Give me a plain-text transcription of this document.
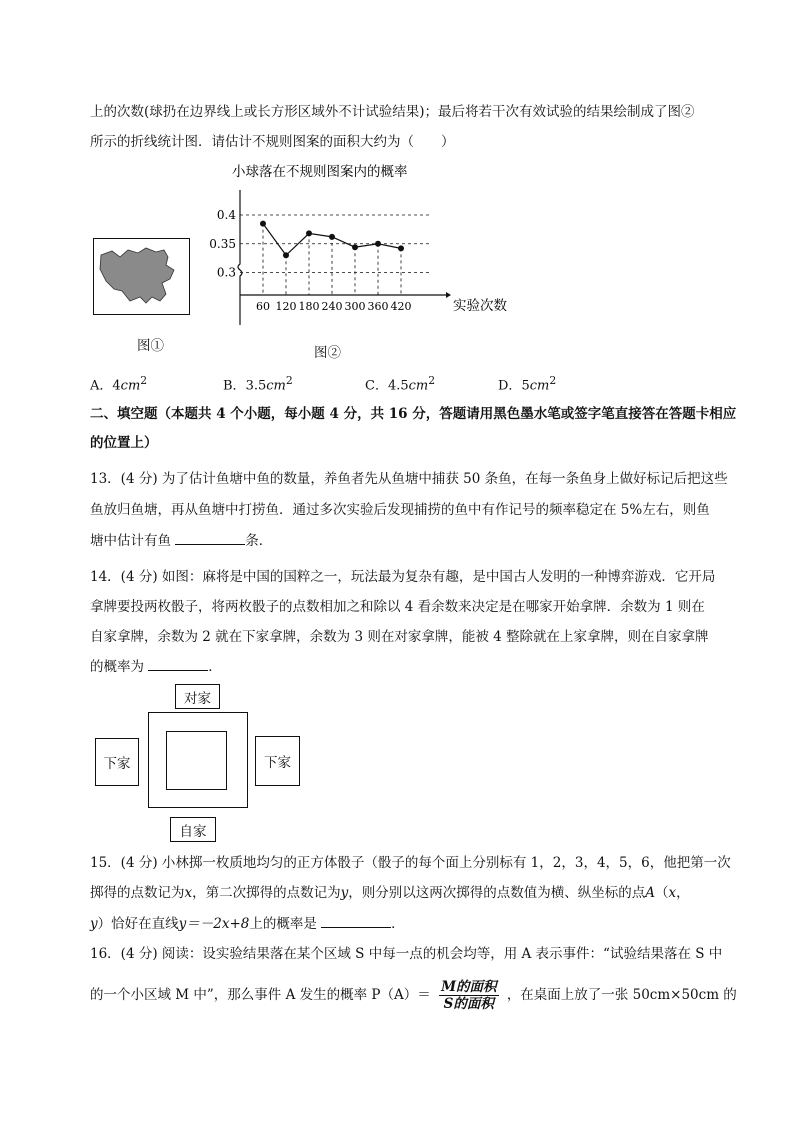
上的次数(球扔在边界线上或长方形区域外不计试验结果)；最后将若干次有效试验的结果绘制成了图②
所示的折线统计图．请估计不规则图案的面积大约为（　　）
图①
小球落在不规则图案内的概率
0.3
0.35
0.4
60 120 180 240 300 360 420	实验次数
图②
A．$4cm^2$	B．$3.5cm^2$	C．$4.5cm^2$	D．$5cm^2$
二、填空题（本题共 4 个小题，每小题 4 分，共 16 分，答题请用黑色墨水笔或签字笔直接答在答题卡相应
的位置上）
13．(4 分) 为了估计鱼塘中鱼的数量，养鱼者先从鱼塘中捕获 50 条鱼，在每一条鱼身上做好标记后把这些
鱼放归鱼塘，再从鱼塘中打捞鱼．通过多次实验后发现捕捞的鱼中有作记号的频率稳定在 5%左右，则鱼
塘中估计有鱼	条．
14．(4 分) 如图：麻将是中国的国粹之一，玩法最为复杂有趣，是中国古人发明的一种博弈游戏．它开局
拿牌要投两枚骰子，将两枚骰子的点数相加之和除以 4 看余数来决定是在哪家开始拿牌．余数为 1 则在
自家拿牌，余数为 2 就在下家拿牌，余数为 3 则在对家拿牌，能被 4 整除就在上家拿牌，则在自家拿牌
的概率为	．
对家
下家	下家
自家
15．(4 分) 小林掷一枚质地均匀的正方体骰子（骰子的每个面上分别标有 1，2，3，4，5，6，他把第一次
掷得的点数记为x，第二次掷得的点数记为y，则分别以这两次掷得的点数值为横、纵坐标的点A（x，
y）恰好在直线y＝－2x+8上的概率是	．
16．(4 分) 阅读：设实验结果落在某个区域 S 中每一点的机会均等，用 A 表示事件：“试验结果落在 S 中
的一个小区域 M 中”，那么事件 A 发生的概率 $P(A)= \frac{\text{M的面积}}{\text{S的面积}}$ ，在桌面上放了一张 50cm×50cm 的
